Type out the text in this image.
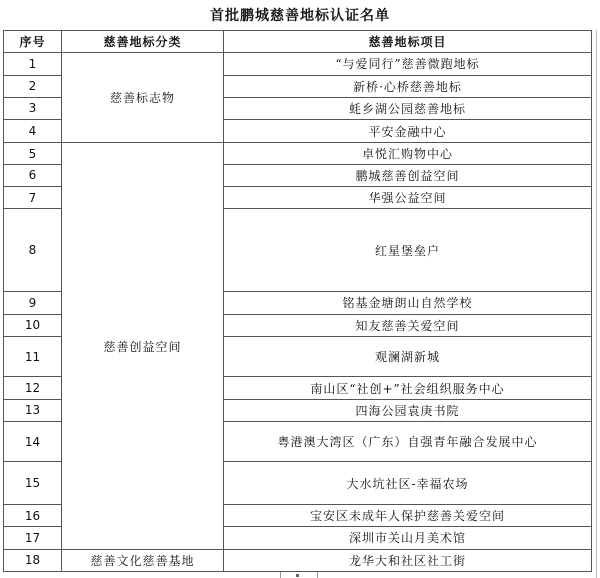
首批鹏城慈善地标认证名单
序号	慈善地标分类	慈善地标项目
1	慈善标志物	“与爱同行”慈善微跑地标
2		新桥·心桥慈善地标
3		蚝乡湖公园慈善地标
4		平安金融中心
5	慈善创益空间	卓悦汇购物中心
6		鹏城慈善创益空间
7		华强公益空间
8		红星堡垒户
9		铭基金塘朗山自然学校
10		知友慈善关爱空间
11		观澜湖新城
12		南山区“社创+”社会组织服务中心
13		四海公园袁庚书院
14		粤港澳大湾区（广东）自强青年融合发展中心
15		大水坑社区-幸福农场
16		宝安区未成年人保护慈善关爱空间
17		深圳市关山月美术馆
18	慈善文化慈善基地	龙华大和社区社工街
